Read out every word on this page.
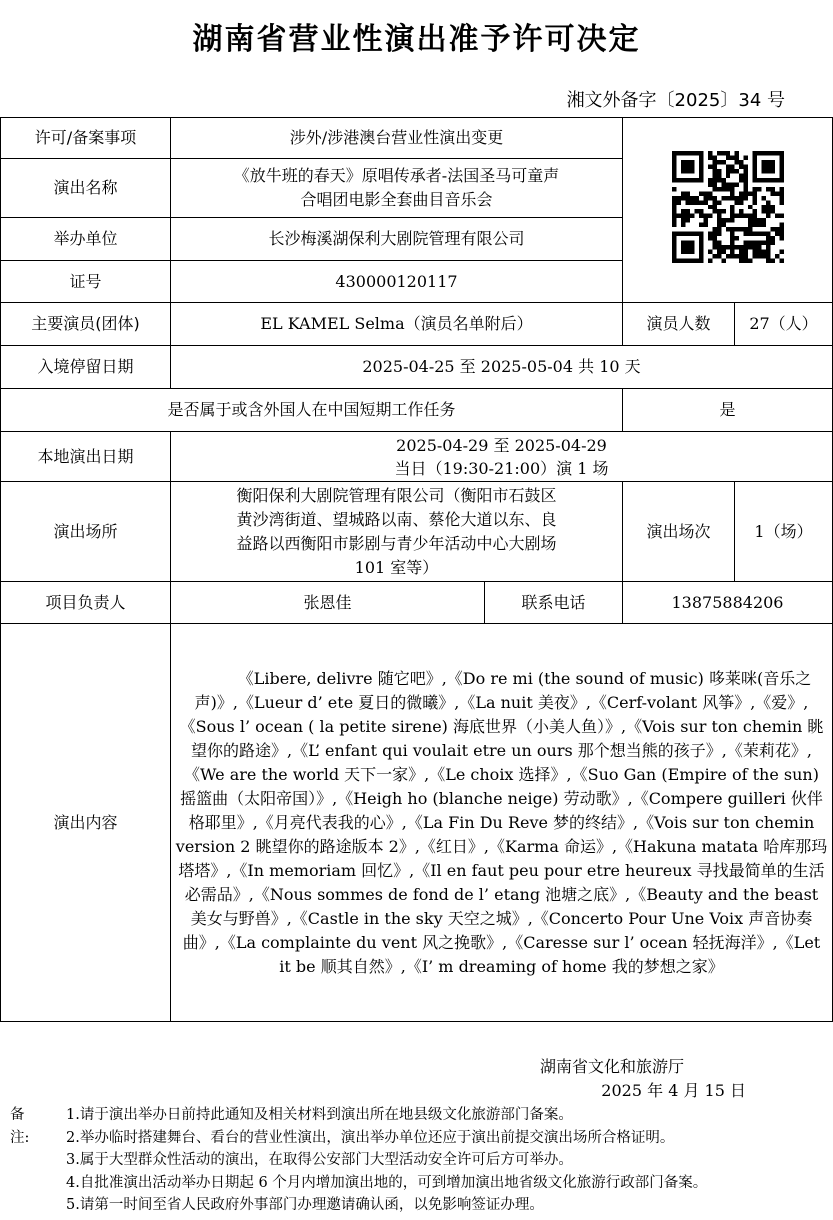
湖南省营业性演出准予许可决定
湘文外备字〔2025〕34 号
许可/备案事项	涉外/涉港澳台营业性演出变更	
演出名称	《放牛班的春天》原唱传承者-法国圣马可童声
合唱团电影全套曲目音乐会			

举办单位	长沙梅溪湖保利大剧院管理有限公司			
证号	430000120117			
主要演员(团体)	EL KAMEL Selma（演员名单附后）		演员人数	27（人）
入境停留日期	2025-04-25 至 2025-05-04 共 10 天			
是否属于或含外国人在中国短期工作任务			是	
本地演出日期	2025-04-29 至 2025-04-29
当日（19:30-21:00）演 1 场			

演出场所	衡阳保利大剧院管理有限公司（衡阳市石鼓区
黄沙湾街道、望城路以南、蔡伦大道以东、良
益路以西衡阳市影剧与青少年活动中心大剧场
101 室等）		演出场次	1（场）
项目负责人	张恩佳	联系电话	13875884206	
演出内容	《Libere, delivre 随它吧》,《Do re mi (the sound of music) 哆莱咪(音乐之声)》,《Lueur d’ ete 夏日的微曦》,《La nuit 美夜》,《Cerf-volant 风筝》,《爱》,《Sous l’ ocean ( la petite sirene) 海底世界（小美人鱼）》,《Vois sur ton chemin 眺望你的路途》,《L’ enfant qui voulait etre un ours 那个想当熊的孩子》,《茉莉花》,《We are the world 天下一家》,《Le choix 选择》,《Suo Gan (Empire of the sun) 摇篮曲（太阳帝国）》,《Heigh ho (blanche neige) 劳动歌》,《Compere guilleri 伙伴格耶里》,《月亮代表我的心》,《La Fin Du Reve 梦的终结》,《Vois sur ton chemin version 2 眺望你的路途版本 2》,《红日》,《Karma 命运》,《Hakuna matata 哈库那玛塔塔》,《In memoriam 回忆》,《Il en faut peu pour etre heureux 寻找最简单的生活必需品》,《Nous sommes de fond de l’ etang 池塘之底》,《Beauty and the beast 美女与野兽》,《Castle in the sky 天空之城》,《Concerto Pour Une Voix 声音协奏曲》,《La complainte du vent 风之挽歌》,《Caresse sur l’ ocean 轻抚海洋》,《Let it be 顺其自然》,《I’ m dreaming of home 我的梦想之家》			
湖南省文化和旅游厅
2025 年 4 月 15 日
备注:
1.请于演出举办日前持此通知及相关材料到演出所在地县级文化旅游部门备案。
2.举办临时搭建舞台、看台的营业性演出，演出举办单位还应于演出前提交演出场所合格证明。
3.属于大型群众性活动的演出，在取得公安部门大型活动安全许可后方可举办。
4.自批准演出活动举办日期起 6 个月内增加演出地的，可到增加演出地省级文化旅游行政部门备案。
5.请第一时间至省人民政府外事部门办理邀请确认函，以免影响签证办理。
